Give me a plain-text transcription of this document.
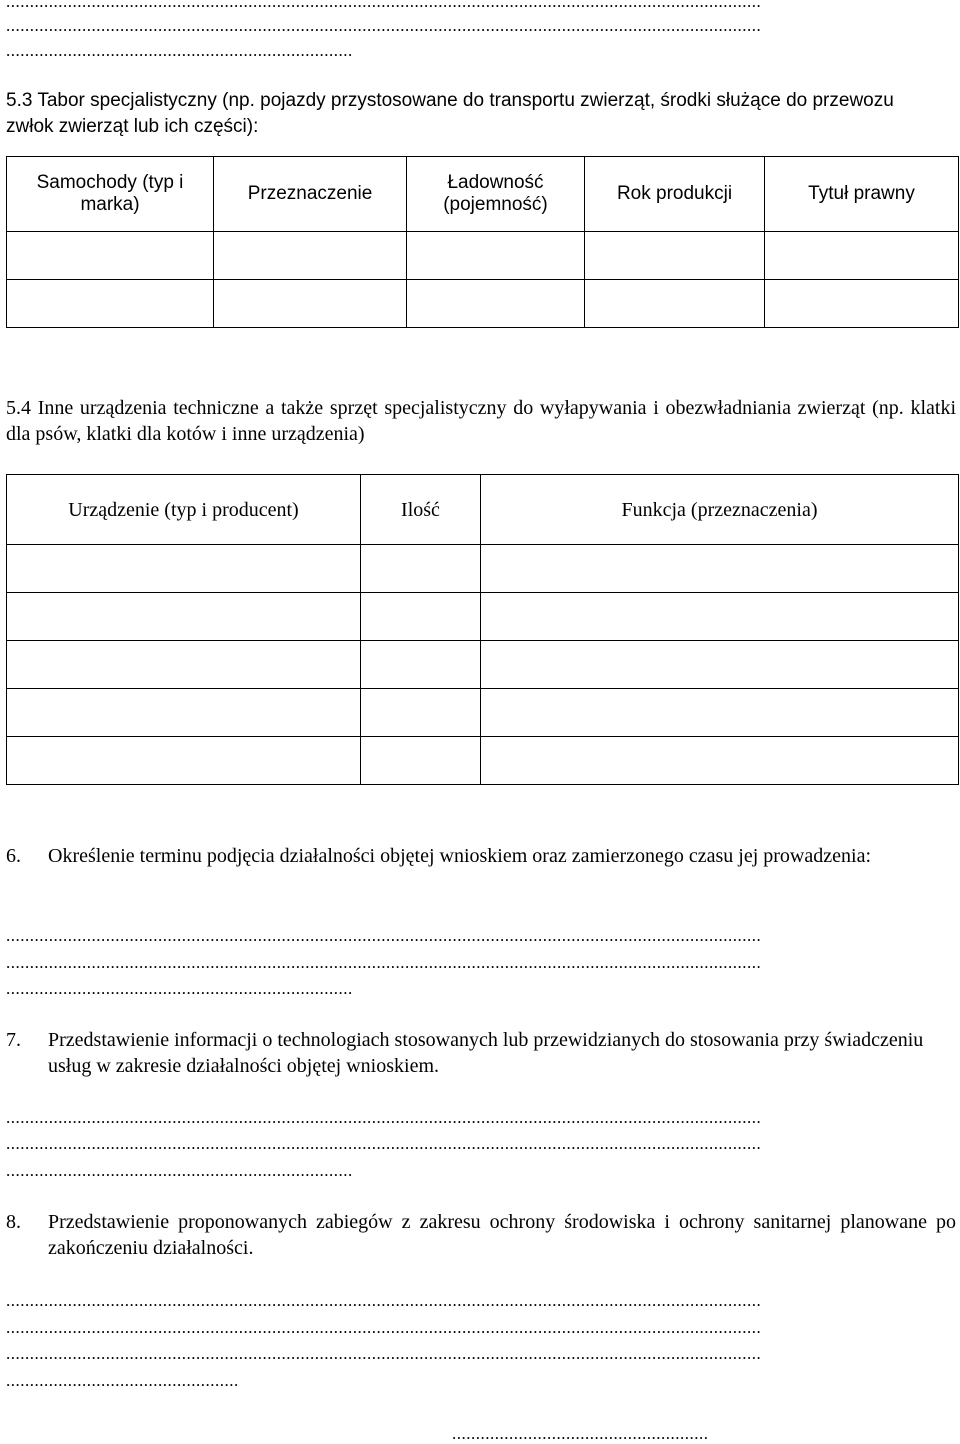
...............................................................................................................................................................
...............................................................................................................................................................
.........................................................................
5.3 Tabor specjalistyczny (np. pojazdy przystosowane do transportu zwierząt, środki służące do przewozu zwłok zwierząt lub ich części):
Samochody (typ i marka)	Przeznaczenie	Ładowność (pojemność)	Rok produkcji	Tytuł prawny

5.4 Inne urządzenia techniczne a także sprzęt specjalistyczny do wyłapywania i obezwładniania zwierząt (np. klatki dla psów, klatki dla kotów i inne urządzenia)
Urządzenie (typ i producent)	Ilość	Funkcja (przeznaczenia)

6. Określenie terminu podjęcia działalności objętej wnioskiem oraz zamierzonego czasu jej prowadzenia:
...............................................................................................................................................................
...............................................................................................................................................................
.........................................................................
7. Przedstawienie informacji o technologiach stosowanych lub przewidzianych do stosowania przy świadczeniu usług w zakresie działalności objętej wnioskiem.
...............................................................................................................................................................
...............................................................................................................................................................
.........................................................................
8. Przedstawienie proponowanych zabiegów z zakresu ochrony środowiska i ochrony sanitarnej planowane po zakończeniu działalności.
...............................................................................................................................................................
...............................................................................................................................................................
...............................................................................................................................................................
.................................................
......................................................
